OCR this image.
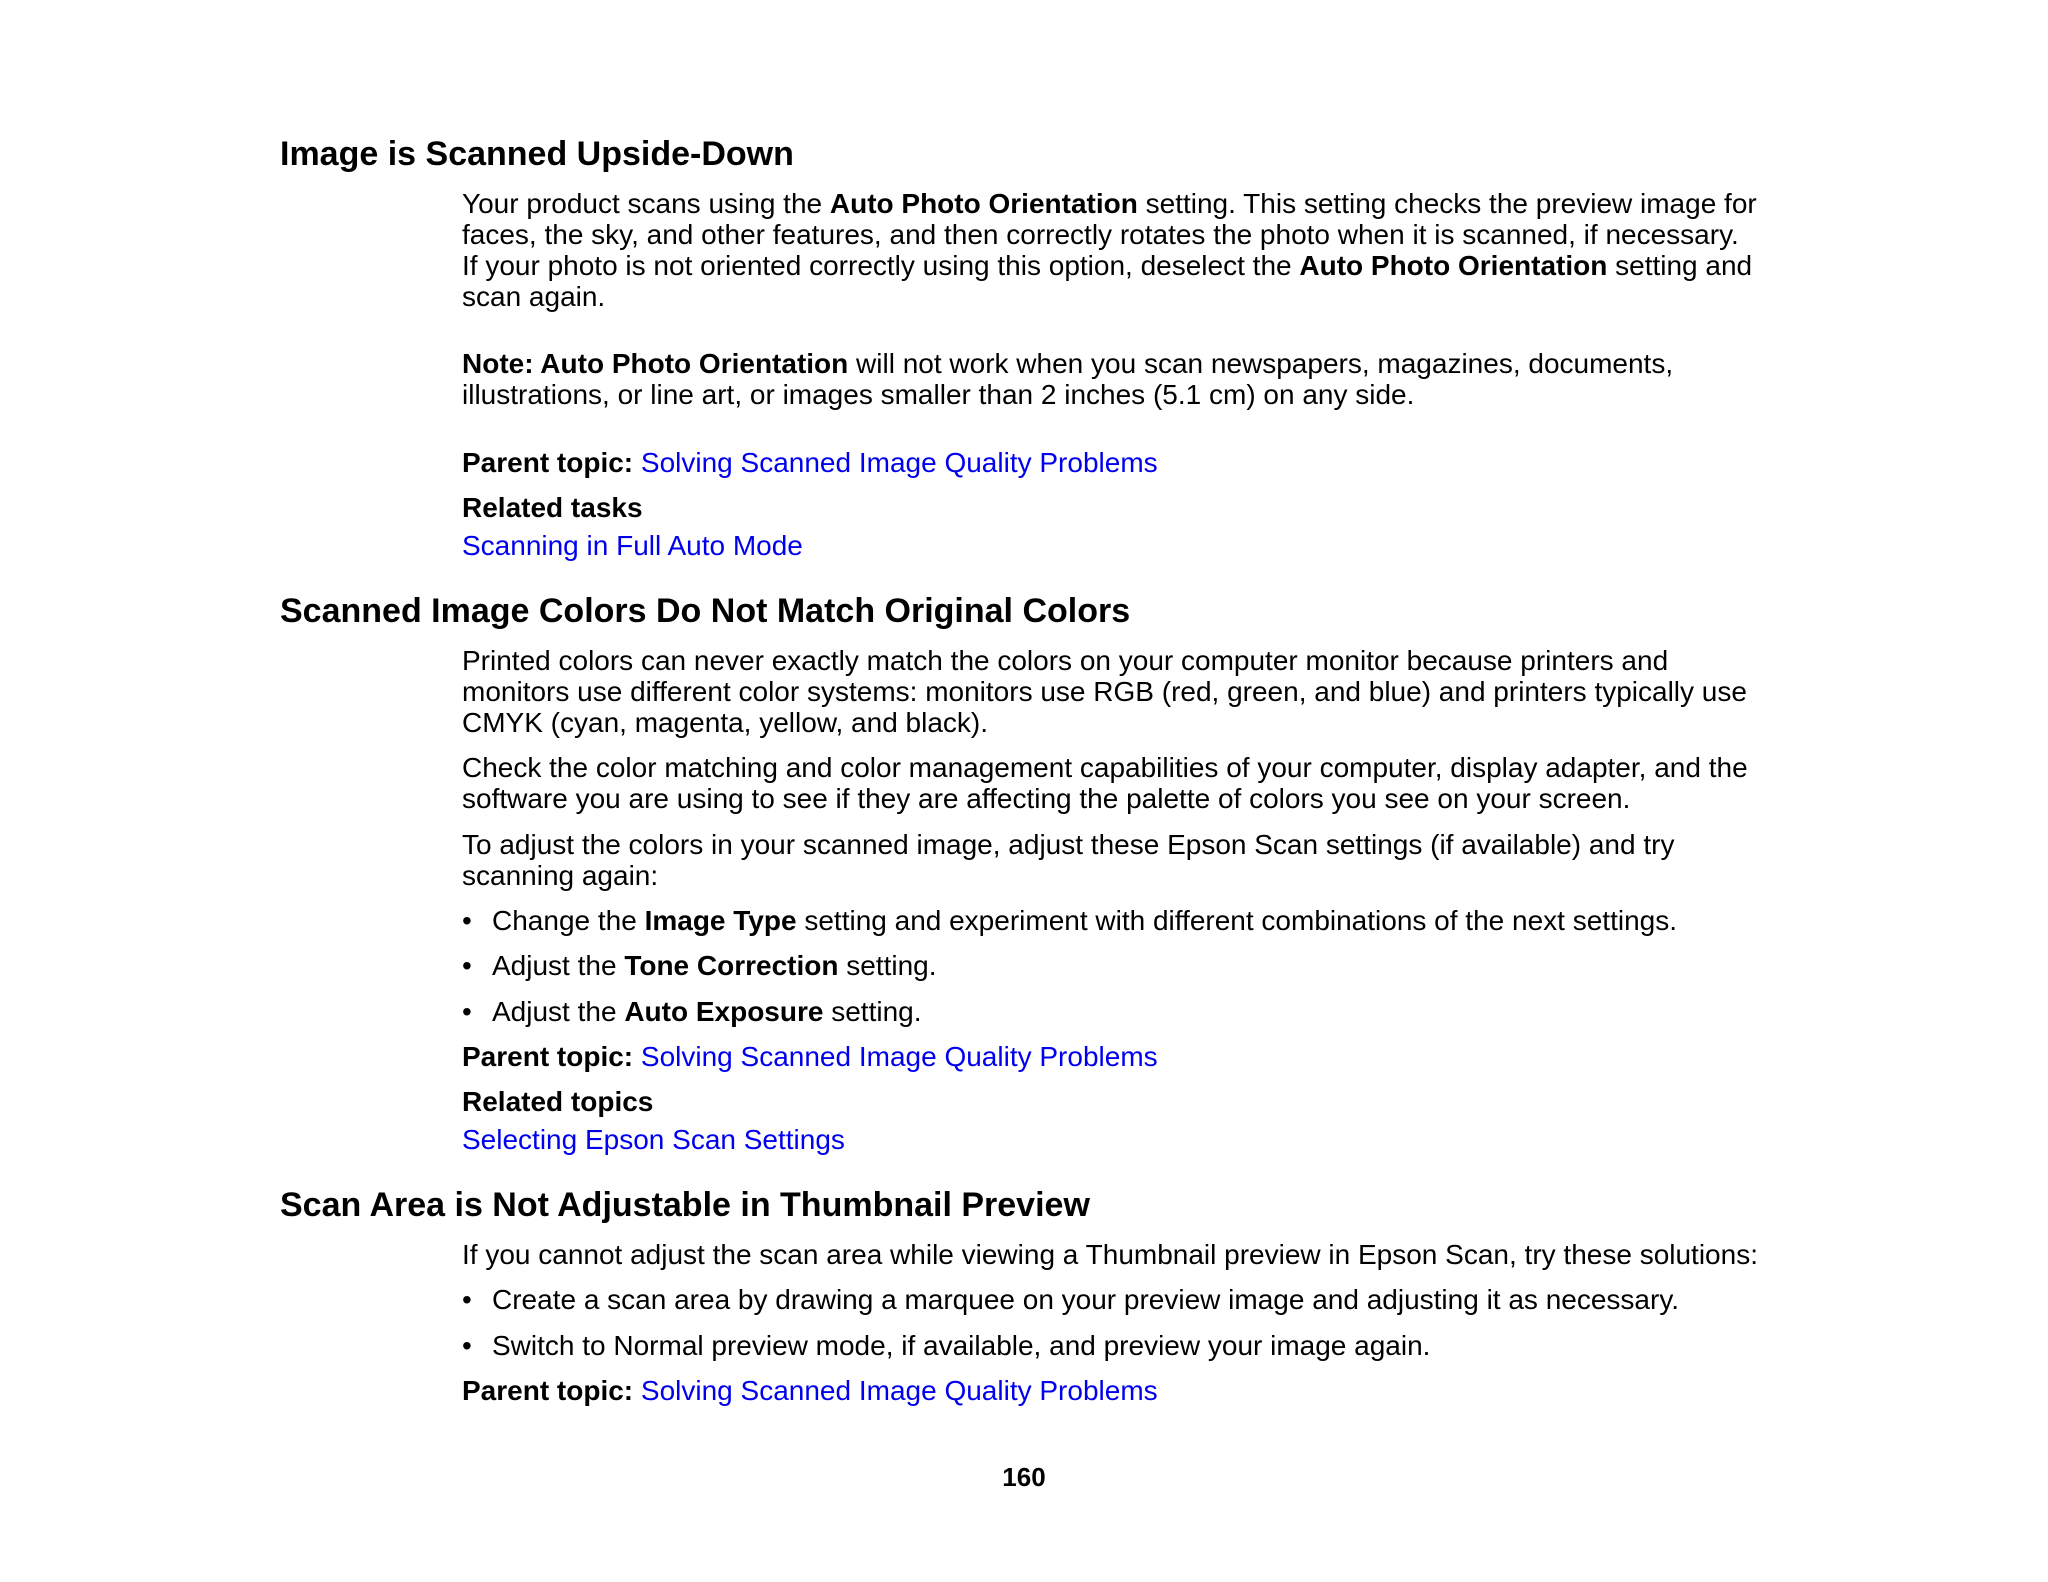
Image is Scanned Upside-Down

Your product scans using the Auto Photo Orientation setting. This setting checks the preview image for faces, the sky, and other features, and then correctly rotates the photo when it is scanned, if necessary. If your photo is not oriented correctly using this option, deselect the Auto Photo Orientation setting and scan again.

Note: Auto Photo Orientation will not work when you scan newspapers, magazines, documents, illustrations, or line art, or images smaller than 2 inches (5.1 cm) on any side.

Parent topic: Solving Scanned Image Quality Problems

Related tasks

Scanning in Full Auto Mode

Scanned Image Colors Do Not Match Original Colors

Printed colors can never exactly match the colors on your computer monitor because printers and monitors use different color systems: monitors use RGB (red, green, and blue) and printers typically use CMYK (cyan, magenta, yellow, and black).

Check the color matching and color management capabilities of your computer, display adapter, and the software you are using to see if they are affecting the palette of colors you see on your screen.

To adjust the colors in your scanned image, adjust these Epson Scan settings (if available) and try scanning again:

• Change the Image Type setting and experiment with different combinations of the next settings.
• Adjust the Tone Correction setting.
• Adjust the Auto Exposure setting.

Parent topic: Solving Scanned Image Quality Problems

Related topics

Selecting Epson Scan Settings

Scan Area is Not Adjustable in Thumbnail Preview

If you cannot adjust the scan area while viewing a Thumbnail preview in Epson Scan, try these solutions:

• Create a scan area by drawing a marquee on your preview image and adjusting it as necessary.
• Switch to Normal preview mode, if available, and preview your image again.

Parent topic: Solving Scanned Image Quality Problems

160
